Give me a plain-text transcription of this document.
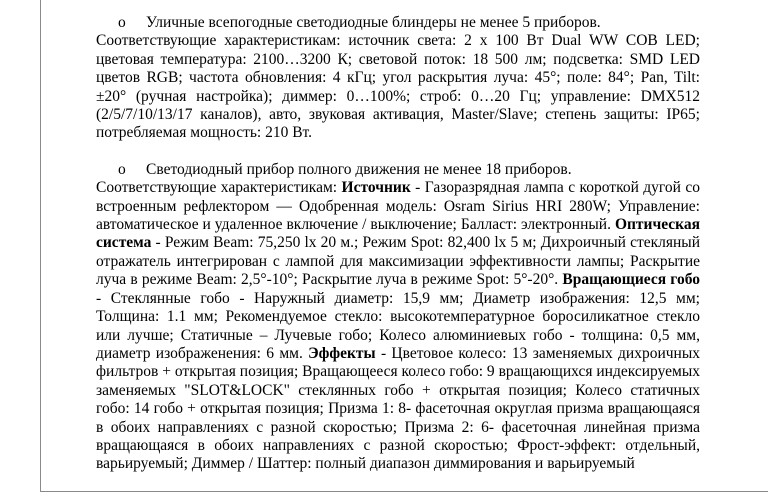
o Уличные всепогодные светодиодные блиндеры не менее 5 приборов.

Соответствующие характеристикам: источник света: 2 x 100 Вт Dual WW COB LED; цветовая температура: 2100…3200 К; световой поток: 18 500 лм; подсветка: SMD LED цветов RGB; частота обновления: 4 кГц; угол раскрытия луча: 45°; поле: 84°; Pan, Tilt: ±20° (ручная настройка); диммер: 0…100%; строб: 0…20 Гц; управление: DMX512 (2/5/7/10/13/17 каналов), авто, звуковая активация, Master/Slave; степень защиты: IP65; потребляемая мощность: 210 Вт.

o Светодиодный прибор полного движения не менее 18 приборов.

Соответствующие характеристикам: Источник - Газоразрядная лампа с короткой дугой со встроенным рефлектором — Одобренная модель: Osram Sirius HRI 280W; Управление: автоматическое и удаленное включение / выключение; Балласт: электронный. Оптическая система - Режим Beam: 75,250 lx 20 м.; Режим Spot: 82,400 lx 5 м; Дихроичный стекляный отражатель интегрирован с лампой для максимизации эффективности лампы; Раскрытие луча в режиме Beam: 2,5°-10°; Раскрытие луча в режиме Spot: 5°-20°. Вращающиеся гобо - Стеклянные гобо - Наружный диаметр: 15,9 мм; Диаметр изображения: 12,5 мм; Толщина: 1.1 мм; Рекомендуемое стекло: высокотемпературное боросиликатное стекло или лучше; Статичные – Лучевые гобо; Колесо алюминиевых гобо - толщина: 0,5 мм, диаметр изображенения: 6 мм. Эффекты - Цветовое колесо: 13 заменяемых дихроичных фильтров + открытая позиция; Вращающееся колесо гобо: 9 вращающихся индексируемых заменяемых "SLOT&LOCK" стеклянных гобо + открытая позиция; Колесо статичных гобо: 14 гобо + открытая позиция; Призма 1: 8- фасеточная округлая призма вращающаяся в обоих направлениях с разной скоростью; Призма 2: 6- фасеточная линейная призма вращающаяся в обоих направлениях с разной скоростью; Фрост-эффект: отдельный, варьируемый; Диммер / Шаттер: полный диапазон диммирования и варьируемый
